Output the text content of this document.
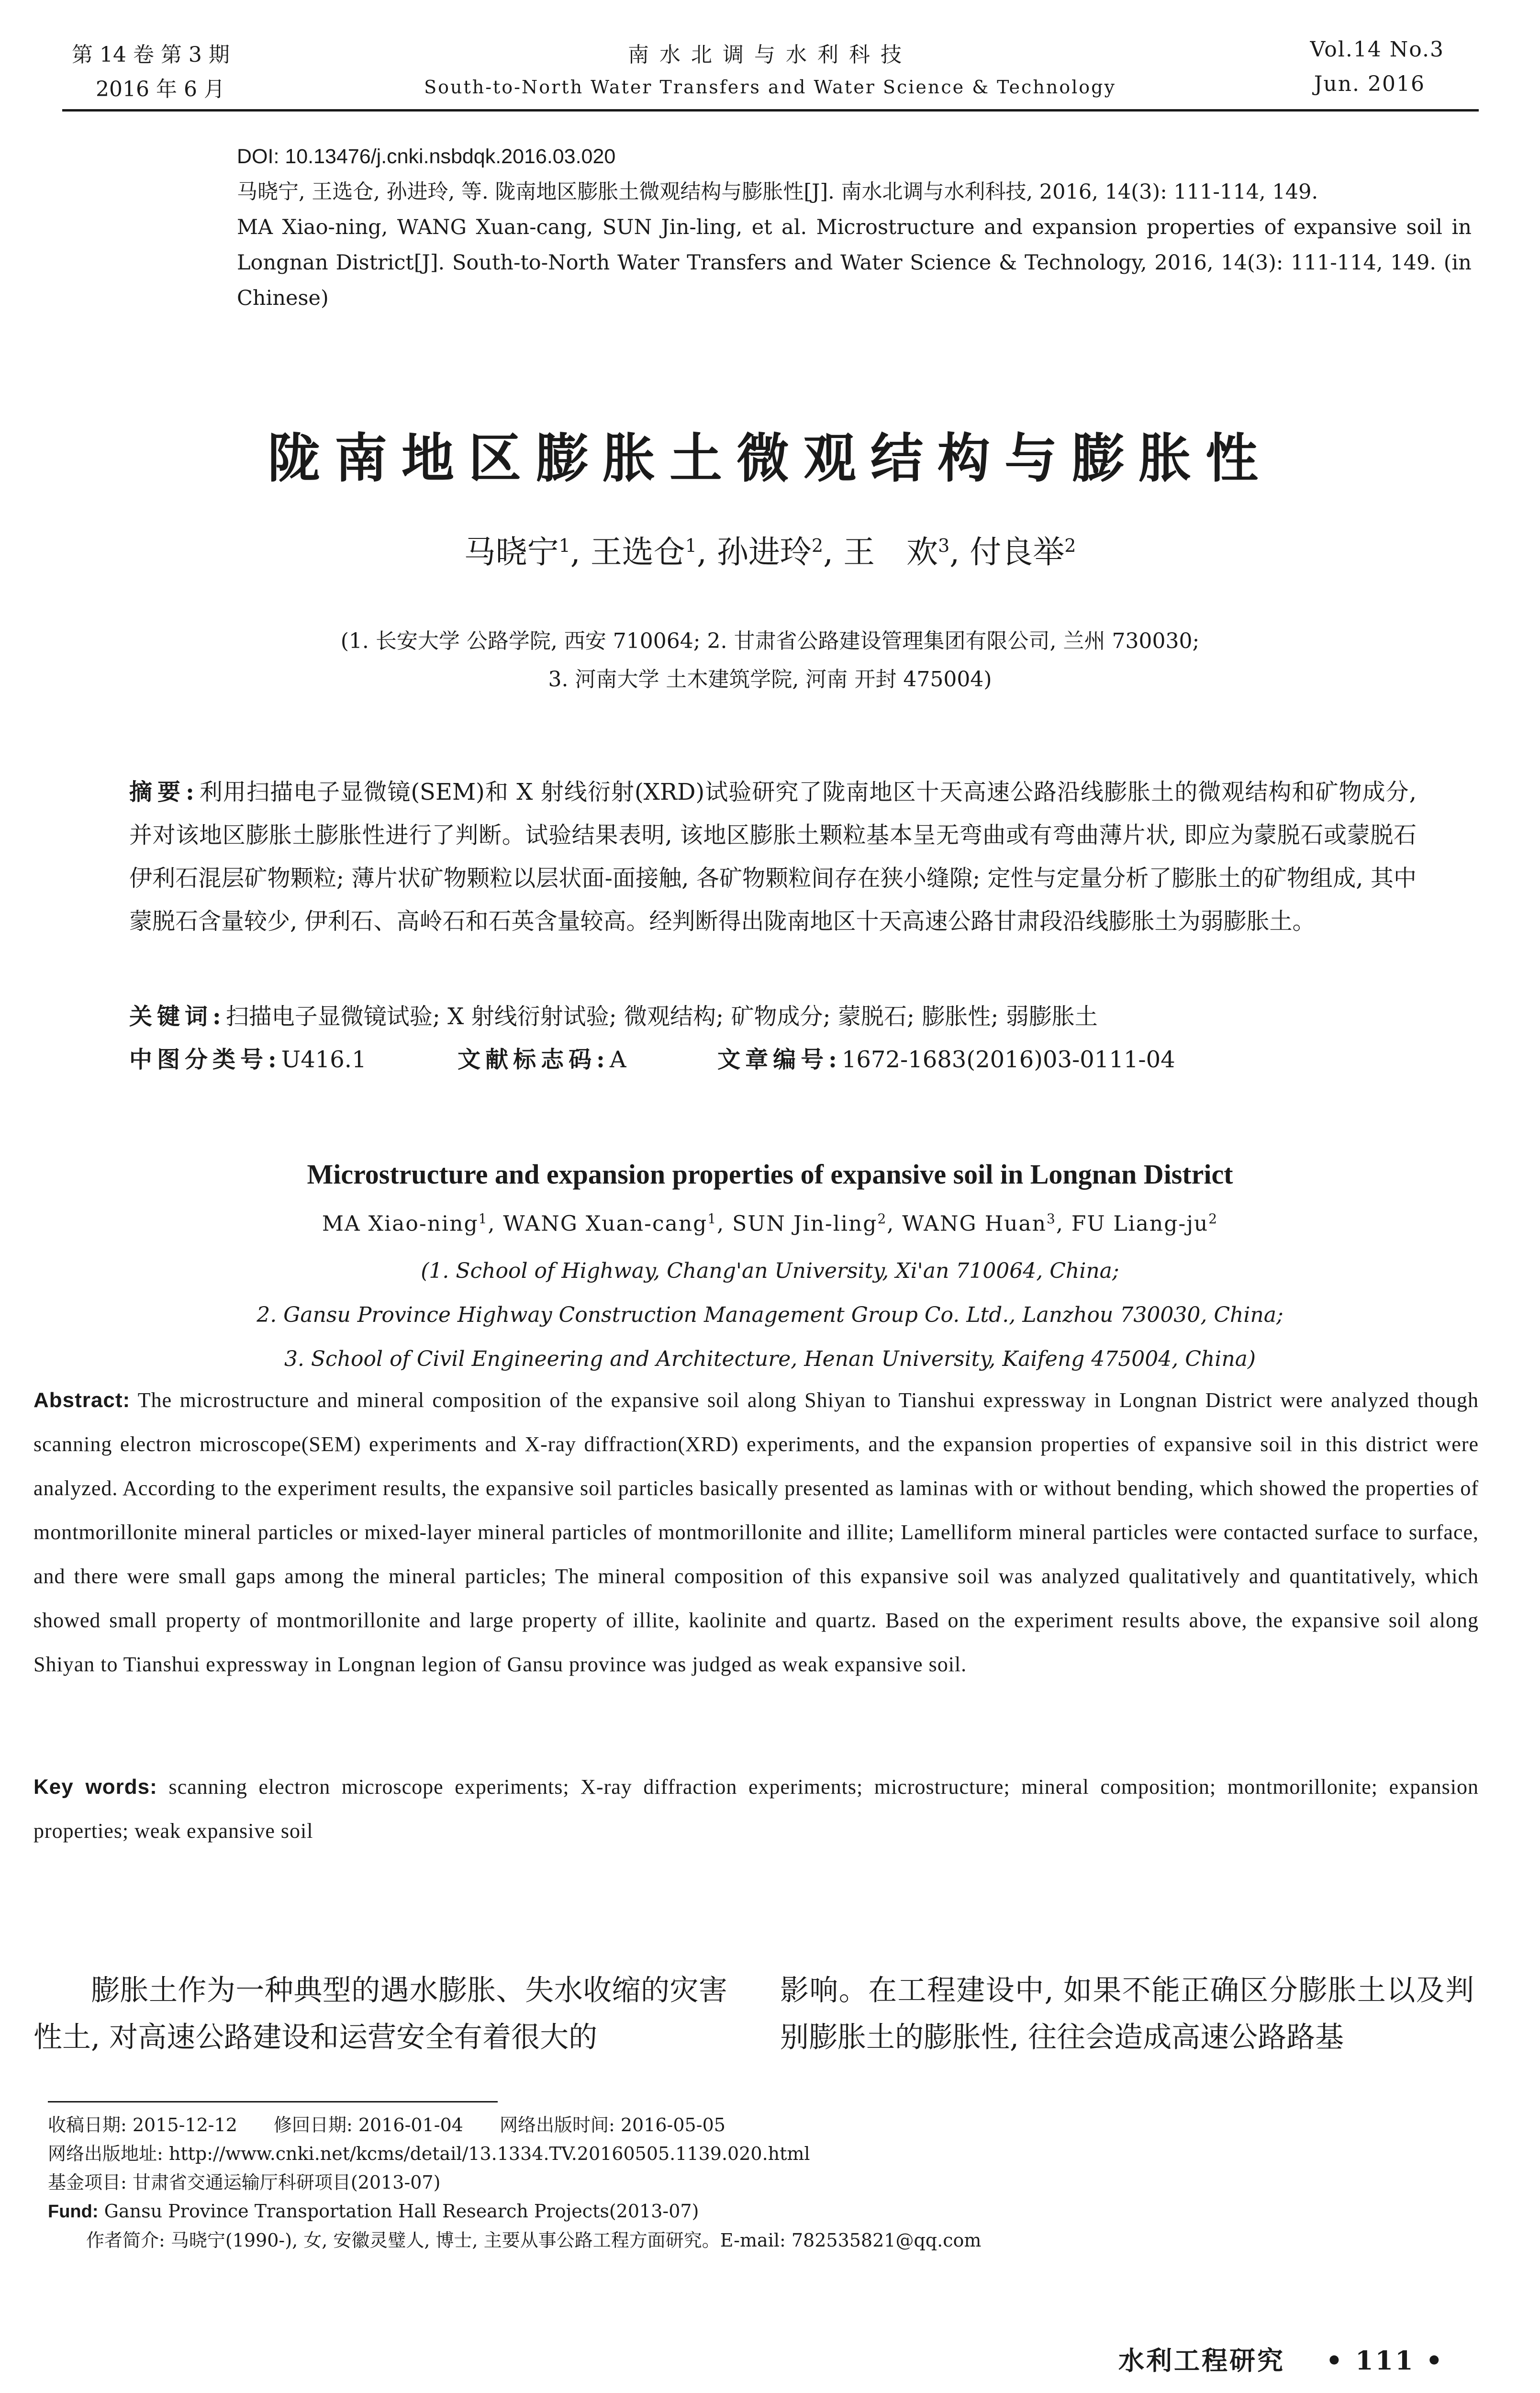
第 14 卷 第 3 期
2016 年 6 月
南水北调与水利科技
South-to-North Water Transfers and Water Science & Technology
Vol.14 No.3
Jun. 2016
DOI: 10.13476/j.cnki.nsbdqk.2016.03.020
马晓宁, 王选仓, 孙进玲, 等. 陇南地区膨胀土微观结构与膨胀性[J]. 南水北调与水利科技, 2016, 14(3): 111-114, 149.
MA Xiao-ning, WANG Xuan-cang, SUN Jin-ling, et al. Microstructure and expansion properties of expansive soil in Longnan District[J]. South-to-North Water Transfers and Water Science & Technology, 2016, 14(3): 111-114, 149. (in Chinese)
陇南地区膨胀土微观结构与膨胀性
马晓宁$^1$, 王选仓$^1$, 孙进玲$^2$, 王　欢$^3$, 付良举$^2$
(1. 长安大学 公路学院, 西安 710064; 2. 甘肃省公路建设管理集团有限公司, 兰州 730030;
3. 河南大学 土木建筑学院, 河南 开封 475004)
摘要:利用扫描电子显微镜(SEM)和 X 射线衍射(XRD)试验研究了陇南地区十天高速公路沿线膨胀土的微观结构和矿物成分, 并对该地区膨胀土膨胀性进行了判断。试验结果表明, 该地区膨胀土颗粒基本呈无弯曲或有弯曲薄片状, 即应为蒙脱石或蒙脱石伊利石混层矿物颗粒; 薄片状矿物颗粒以层状面-面接触, 各矿物颗粒间存在狭小缝隙; 定性与定量分析了膨胀土的矿物组成, 其中蒙脱石含量较少, 伊利石、高岭石和石英含量较高。经判断得出陇南地区十天高速公路甘肃段沿线膨胀土为弱膨胀土。
关键词:扫描电子显微镜试验; X 射线衍射试验; 微观结构; 矿物成分; 蒙脱石; 膨胀性; 弱膨胀土
中图分类号:U416.1	文献标志码:A	文章编号:1672-1683(2016)03-0111-04
Microstructure and expansion properties of expansive soil in Longnan District
MA Xiao-ning$^1$, WANG Xuan-cang$^1$, SUN Jin-ling$^2$, WANG Huan$^3$, FU Liang-$ju^2$
(1. School of Highway, Chang'an University, Xi'an 710064, China;
2. Gansu Province Highway Construction Management Group Co. Ltd., Lanzhou 730030, China;
3. School of Civil Engineering and Architecture, Henan University, Kaifeng 475004, China)
Abstract: The microstructure and mineral composition of the expansive soil along Shiyan to Tianshui expressway in Longnan District were analyzed though scanning electron microscope(SEM) experiments and X-ray diffraction(XRD) experiments, and the expansion properties of expansive soil in this district were analyzed. According to the experiment results, the expansive soil particles basically presented as laminas with or without bending, which showed the properties of montmorillonite mineral particles or mixed-layer mineral particles of montmorillonite and illite; Lamelliform mineral particles were contacted surface to surface, and there were small gaps among the mineral particles; The mineral composition of this expansive soil was analyzed qualitatively and quantitatively, which showed small property of montmorillonite and large property of illite, kaolinite and quartz. Based on the experiment results above, the expansive soil along Shiyan to Tianshui expressway in Longnan legion of Gansu province was judged as weak expansive soil.
Key words: scanning electron microscope experiments; X-ray diffraction experiments; microstructure; mineral composition; montmorillonite; expansion properties; weak expansive soil
膨胀土作为一种典型的遇水膨胀、失水收缩的灾害性土, 对高速公路建设和运营安全有着很大的
影响。在工程建设中, 如果不能正确区分膨胀土以及判别膨胀土的膨胀性, 往往会造成高速公路路基
收稿日期: 2015-12-12　　修回日期: 2016-01-04　　网络出版时间: 2016-05-05
网络出版地址: http://www.cnki.net/kcms/detail/13.1334.TV.20160505.1139.020.html
基金项目: 甘肃省交通运输厅科研项目(2013-07)
Fund: Gansu Province Transportation Hall Research Projects(2013-07)
作者简介: 马晓宁(1990-), 女, 安徽灵璧人, 博士, 主要从事公路工程方面研究。E-mail: 782535821@qq.com
水利工程研究 • 111 •
